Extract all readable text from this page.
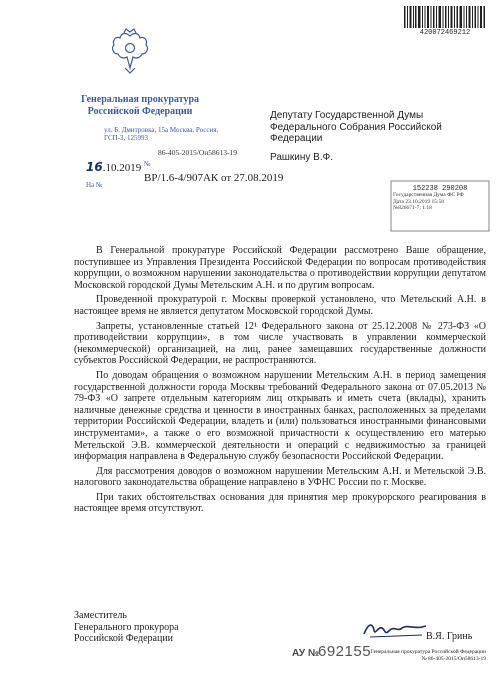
420072469212
Генеральная прокуратура Российской Федерации
ул. Б. Дмитровка, 15а Москва, Россия, ГСП-3, 125993
86-405-2015/Он58613-19
16.10.2019 №
ВР/1.6-4/907АК от 27.08.2019
На №
Депутату Государственной Думы Федерального Собрания Российской Федерации
Рашкину В.Ф.
152238 290208
Государственная Дума ФС РФ
Дата 23.10.2019 15:58
№826671-7; 1.18

В Генеральной прокуратуре Российской Федерации рассмотрено Ваше обращение, поступившее из Управления Президента Российской Федерации по вопросам противодействия коррупции, о возможном нарушении законодательства о противодействии коррупции депутатом Московской городской Думы Метельским А.Н. и по другим вопросам.

Проведенной прокуратурой г. Москвы проверкой установлено, что Метельский А.Н. в настоящее время не является депутатом Московской городской Думы.

Запреты, установленные статьей 12¹ Федерального закона от 25.12.2008 № 273-ФЗ «О противодействии коррупции», в том числе участвовать в управлении коммерческой (некоммерческой) организацией, на лиц, ранее замещавших государственные должности субъектов Российской Федерации, не распространяются.

По доводам обращения о возможном нарушении Метельским А.Н. в период замещения государственной должности города Москвы требований Федерального закона от 07.05.2013 № 79-ФЗ «О запрете отдельным категориям лиц открывать и иметь счета (вклады), хранить наличные денежные средства и ценности в иностранных банках, расположенных за пределами территории Российской Федерации, владеть и (или) пользоваться иностранными финансовыми инструментами», а также о его возможной причастности к осуществлению его матерью Метельской Э.В. коммерческой деятельности и операций с недвижимостью за границей информация направлена в Федеральную службу безопасности Российской Федерации.

Для рассмотрения доводов о возможном нарушении Метельским А.Н. и Метельской Э.В. налогового законодательства обращение направлено в УФНС России по г. Москве.

При таких обстоятельствах основания для принятия мер прокурорского реагирования в настоящее время отсутствуют.

Заместитель
Генерального прокурора
Российской Федерации	В.Я. Гринь
АУ № 692155 Генеральная прокуратура Российской Федерации
№ 86-405-2015/Он58613-19
